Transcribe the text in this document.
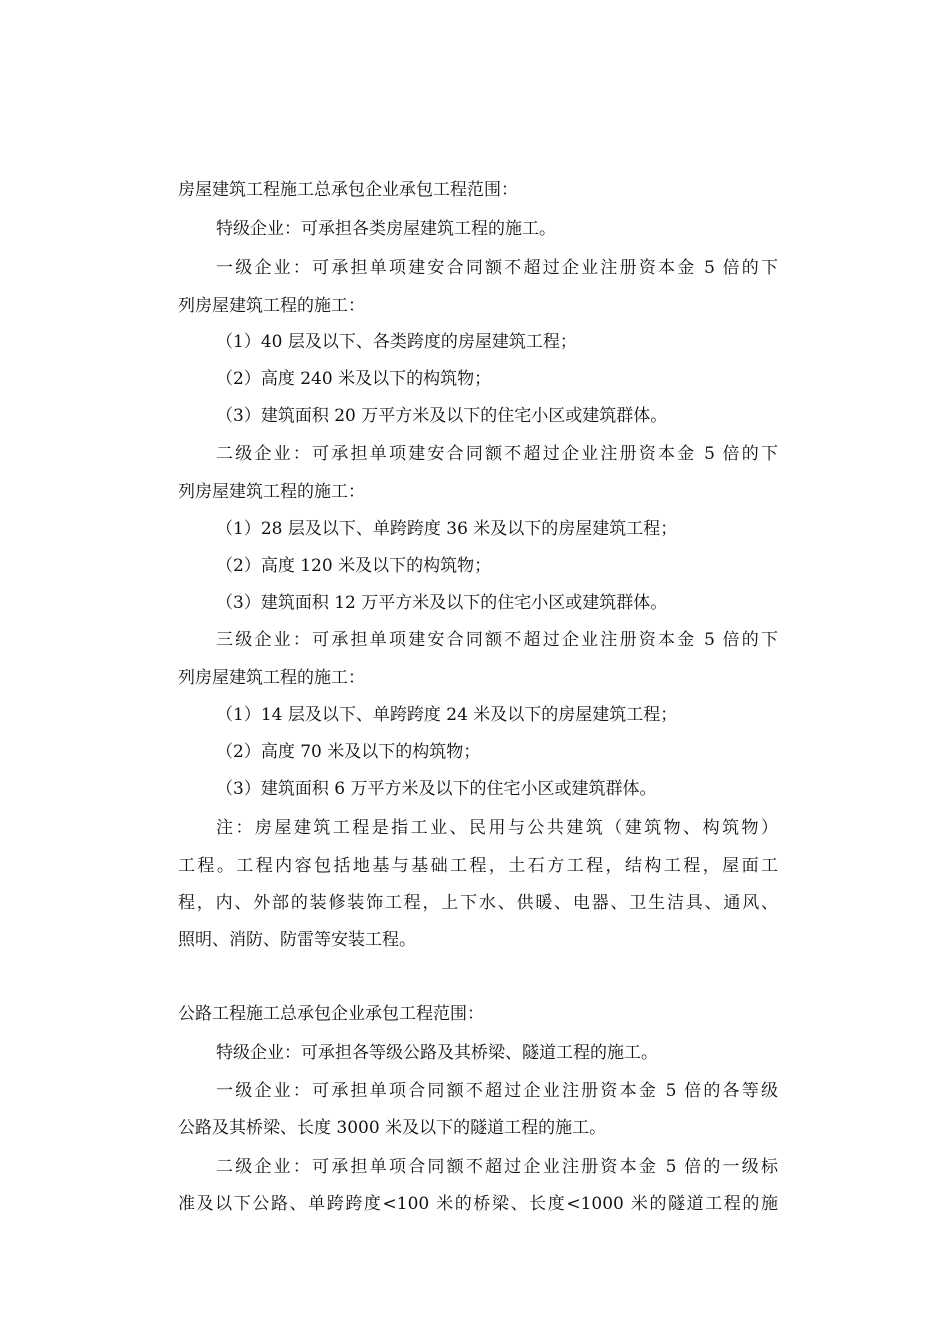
房屋建筑工程施工总承包企业承包工程范围：
特级企业：可承担各类房屋建筑工程的施工。
一级企业：可承担单项建安合同额不超过企业注册资本金 5 倍的下
列房屋建筑工程的施工：
（1）40 层及以下、各类跨度的房屋建筑工程；
（2）高度 240 米及以下的构筑物；
（3）建筑面积 20 万平方米及以下的住宅小区或建筑群体。
二级企业：可承担单项建安合同额不超过企业注册资本金 5 倍的下
列房屋建筑工程的施工：
（1）28 层及以下、单跨跨度 36 米及以下的房屋建筑工程；
（2）高度 120 米及以下的构筑物；
（3）建筑面积 12 万平方米及以下的住宅小区或建筑群体。
三级企业：可承担单项建安合同额不超过企业注册资本金 5 倍的下
列房屋建筑工程的施工：
（1）14 层及以下、单跨跨度 24 米及以下的房屋建筑工程；
（2）高度 70 米及以下的构筑物；
（3）建筑面积 6 万平方米及以下的住宅小区或建筑群体。
注：房屋建筑工程是指工业、民用与公共建筑（建筑物、构筑物）
工程。工程内容包括地基与基础工程，土石方工程，结构工程，屋面工
程，内、外部的装修装饰工程，上下水、供暖、电器、卫生洁具、通风、
照明、消防、防雷等安装工程。
公路工程施工总承包企业承包工程范围：
特级企业：可承担各等级公路及其桥梁、隧道工程的施工。
一级企业：可承担单项合同额不超过企业注册资本金 5 倍的各等级
公路及其桥梁、长度 3000 米及以下的隧道工程的施工。
二级企业：可承担单项合同额不超过企业注册资本金 5 倍的一级标
准及以下公路、单跨跨度<100 米的桥梁、长度<1000 米的隧道工程的施
